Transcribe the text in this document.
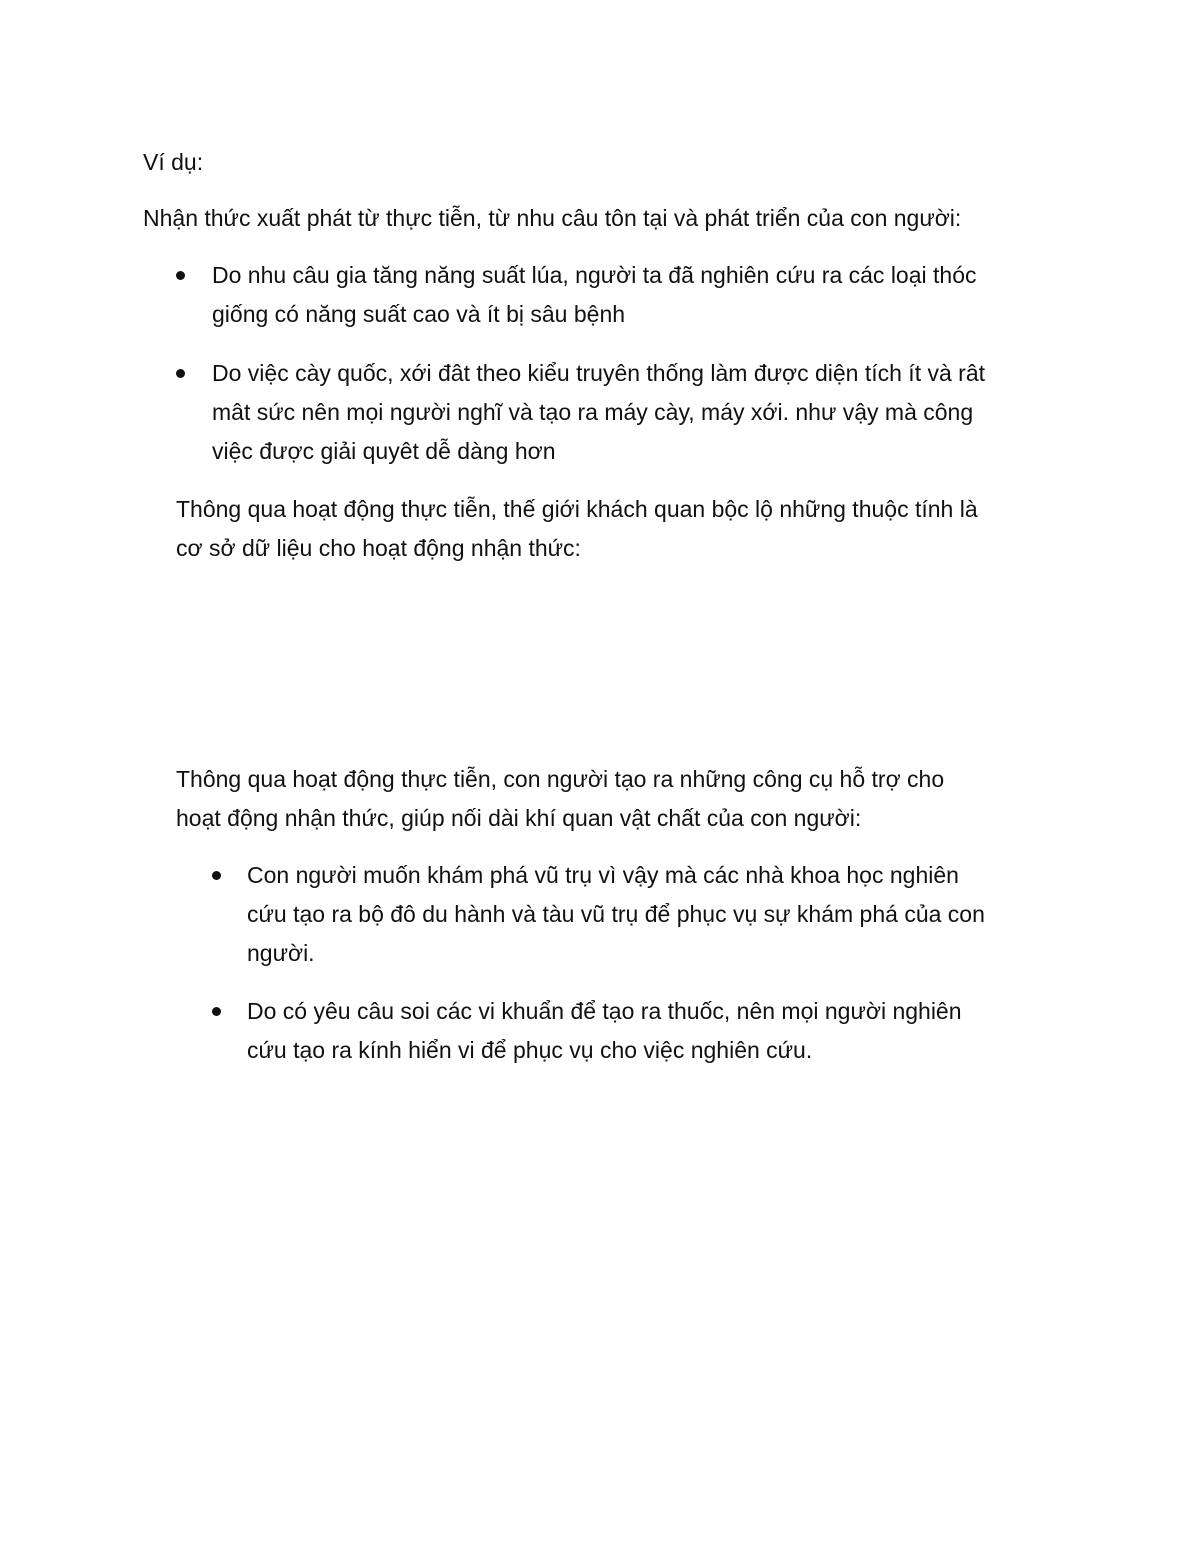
Ví dụ:

Nhận thức xuất phát từ thực tiễn, từ nhu câu tôn tại và phát triển của con người:

Do nhu câu gia tăng năng suất lúa, người ta đã nghiên cứu ra các loại thóc
giống có năng suất cao và ít bị sâu bệnh
Do việc cày quốc, xới đât theo kiểu truyên thống làm được diện tích ít và rât
mât sức nên mọi người nghĩ và tạo ra máy cày, máy xới. như vậy mà công
việc được giải quyêt dễ dàng hơn

Thông qua hoạt động thực tiễn, thế giới khách quan bộc lộ những thuộc tính là
cơ sở dữ liệu cho hoạt động nhận thức:

Thông qua hoạt động thực tiễn, con người tạo ra những công cụ hỗ trợ cho
hoạt động nhận thức, giúp nối dài khí quan vật chất của con người:

Con người muốn khám phá vũ trụ vì vậy mà các nhà khoa học nghiên
cứu tạo ra bộ đô du hành và tàu vũ trụ để phục vụ sự khám phá của con
người.
Do có yêu câu soi các vi khuẩn để tạo ra thuốc, nên mọi người nghiên
cứu tạo ra kính hiển vi để phục vụ cho việc nghiên cứu.
